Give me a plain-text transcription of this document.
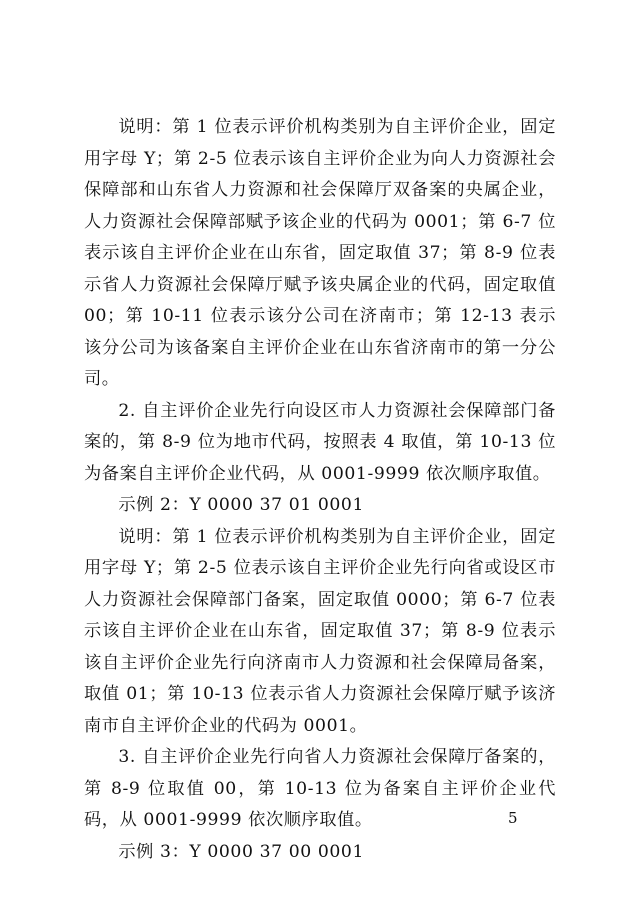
说明：第 1 位表示评价机构类别为自主评价企业，固定用字母 Y；第 2-5 位表示该自主评价企业为向人力资源社会保障部和山东省人力资源和社会保障厅双备案的央属企业，人力资源社会保障部赋予该企业的代码为 0001；第 6-7 位表示该自主评价企业在山东省，固定取值 37；第 8-9 位表示省人力资源社会保障厅赋予该央属企业的代码，固定取值 00；第 10-11 位表示该分公司在济南市；第 12-13 表示该分公司为该备案自主评价企业在山东省济南市的第一分公司。

2. 自主评价企业先行向设区市人力资源社会保障部门备案的，第 8-9 位为地市代码，按照表 4 取值，第 10-13 位为备案自主评价企业代码，从 0001-9999 依次顺序取值。

示例 2：Y 0000 37 01 0001

说明：第 1 位表示评价机构类别为自主评价企业，固定用字母 Y；第 2-5 位表示该自主评价企业先行向省或设区市人力资源社会保障部门备案，固定取值 0000；第 6-7 位表示该自主评价企业在山东省，固定取值 37；第 8-9 位表示该自主评价企业先行向济南市人力资源和社会保障局备案，取值 01；第 10-13 位表示省人力资源社会保障厅赋予该济南市自主评价企业的代码为 0001。

3. 自主评价企业先行向省人力资源社会保障厅备案的，第 8-9 位取值 00，第 10-13 位为备案自主评价企业代码，从 0001-9999 依次顺序取值。

示例 3：Y 0000 37 00 0001

5
